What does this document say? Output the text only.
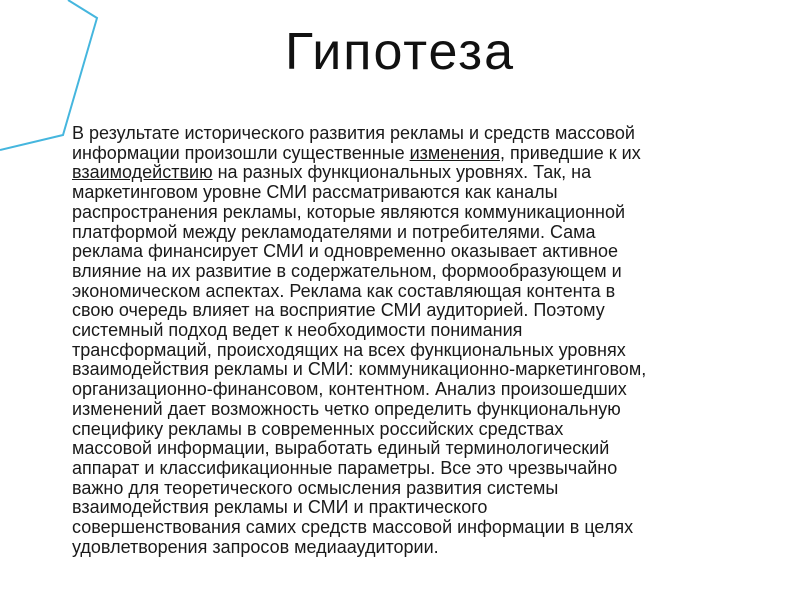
Гипотеза
В результате исторического развития рекламы и средств массовой
информации произошли существенные изменения, приведшие к их
взаимодействию на разных функциональных уровнях. Так, на
маркетинговом уровне СМИ рассматриваются как каналы
распространения рекламы, которые являются коммуникационной
платформой между рекламодателями и потребителями. Сама
реклама финансирует СМИ и одновременно оказывает активное
влияние на их развитие в содержательном, формообразующем и
экономическом аспектах. Реклама как составляющая контента в
свою очередь влияет на восприятие СМИ аудиторией. Поэтому
системный подход ведет к необходимости понимания
трансформаций, происходящих на всех функциональных уровнях
взаимодействия рекламы и СМИ: коммуникационно-маркетинговом,
организационно-финансовом, контентном. Анализ произошедших
изменений дает возможность четко определить функциональную
специфику рекламы в современных российских средствах
массовой информации, выработать единый терминологический
аппарат и классификационные параметры. Все это чрезвычайно
важно для теоретического осмысления развития системы
взаимодействия рекламы и СМИ и практического
совершенствования самих средств массовой информации в целях
удовлетворения запросов медиааудитории.
